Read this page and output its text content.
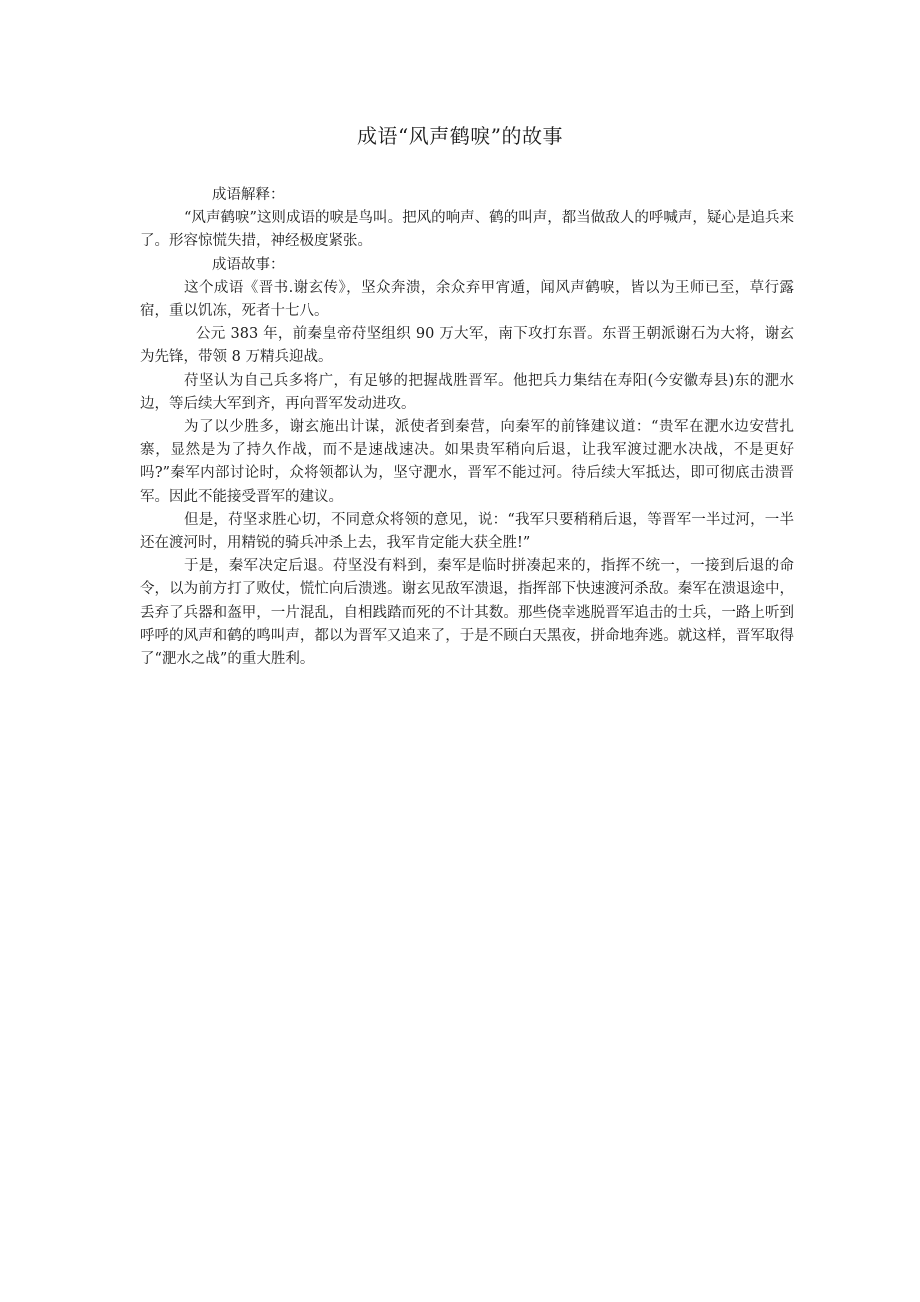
成语“风声鹤唳”的故事

成语解释：

“风声鹤唳”这则成语的唳是鸟叫。把风的响声、鹤的叫声，都当做敌人的呼喊声，疑心是追兵来了。形容惊慌失措，神经极度紧张。

成语故事：

这个成语《晋书.谢玄传》，坚众奔溃，余众弃甲宵遁，闻风声鹤唳，皆以为王师已至，草行露宿，重以饥冻，死者十七八。

公元 383 年，前秦皇帝苻坚组织 90 万大军，南下攻打东晋。东晋王朝派谢石为大将，谢玄为先锋，带领 8 万精兵迎战。

苻坚认为自己兵多将广，有足够的把握战胜晋军。他把兵力集结在寿阳(今安徽寿县)东的淝水边，等后续大军到齐，再向晋军发动进攻。

为了以少胜多，谢玄施出计谋，派使者到秦营，向秦军的前锋建议道：“贵军在淝水边安营扎寨，显然是为了持久作战，而不是速战速决。如果贵军稍向后退，让我军渡过淝水决战，不是更好吗?”秦军内部讨论时，众将领都认为，坚守淝水，晋军不能过河。待后续大军抵达，即可彻底击溃晋军。因此不能接受晋军的建议。

但是，苻坚求胜心切，不同意众将领的意见，说：“我军只要稍稍后退，等晋军一半过河，一半还在渡河时，用精锐的骑兵冲杀上去，我军肯定能大获全胜!”

于是，秦军决定后退。苻坚没有料到，秦军是临时拼凑起来的，指挥不统一，一接到后退的命令，以为前方打了败仗，慌忙向后溃逃。谢玄见敌军溃退，指挥部下快速渡河杀敌。秦军在溃退途中，丢弃了兵器和盔甲，一片混乱，自相践踏而死的不计其数。那些侥幸逃脱晋军追击的士兵，一路上听到呼呼的风声和鹤的鸣叫声，都以为晋军又追来了，于是不顾白天黑夜，拼命地奔逃。就这样，晋军取得了“淝水之战”的重大胜利。
